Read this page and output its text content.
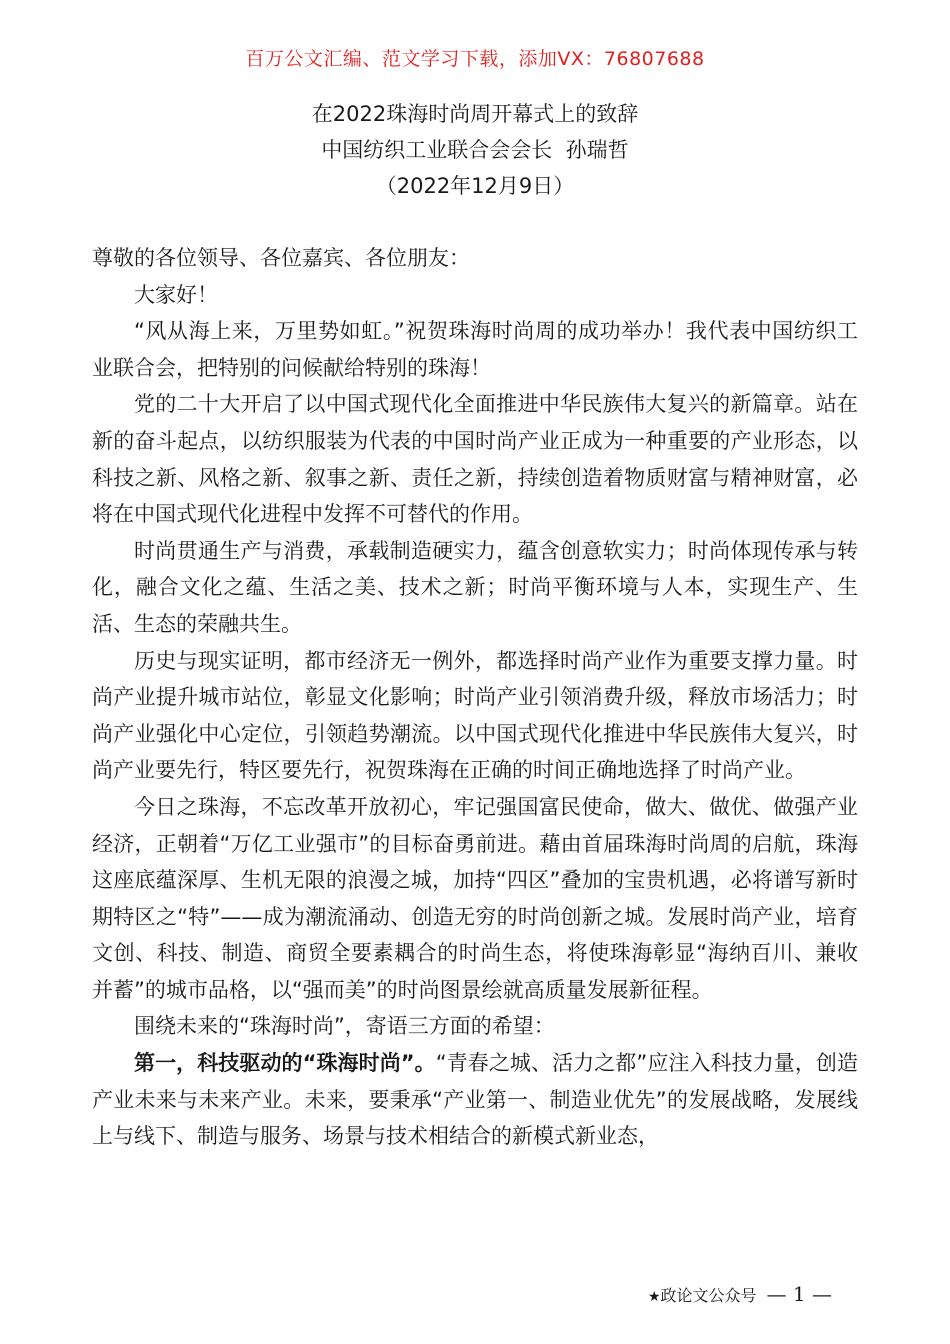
百万公文汇编、范文学习下载，添加VX：76807688
在2022珠海时尚周开幕式上的致辞
中国纺织工业联合会会长  孙瑞哲
（2022年12月9日）

尊敬的各位领导、各位嘉宾、各位朋友：

大家好！

“风从海上来，万里势如虹。”祝贺珠海时尚周的成功举办！我代表中国纺织工业联合会，把特别的问候献给特别的珠海！

党的二十大开启了以中国式现代化全面推进中华民族伟大复兴的新篇章。站在新的奋斗起点，以纺织服装为代表的中国时尚产业正成为一种重要的产业形态，以科技之新、风格之新、叙事之新、责任之新，持续创造着物质财富与精神财富，必将在中国式现代化进程中发挥不可替代的作用。

时尚贯通生产与消费，承载制造硬实力，蕴含创意软实力；时尚体现传承与转化，融合文化之蕴、生活之美、技术之新；时尚平衡环境与人本，实现生产、生活、生态的荣融共生。

历史与现实证明，都市经济无一例外，都选择时尚产业作为重要支撑力量。时尚产业提升城市站位，彰显文化影响；时尚产业引领消费升级，释放市场活力；时尚产业强化中心定位，引领趋势潮流。以中国式现代化推进中华民族伟大复兴，时尚产业要先行，特区要先行，祝贺珠海在正确的时间正确地选择了时尚产业。

今日之珠海，不忘改革开放初心，牢记强国富民使命，做大、做优、做强产业经济，正朝着“万亿工业强市”的目标奋勇前进。藉由首届珠海时尚周的启航，珠海这座底蕴深厚、生机无限的浪漫之城，加持“四区”叠加的宝贵机遇，必将谱写新时期特区之“特”——成为潮流涌动、创造无穷的时尚创新之城。发展时尚产业，培育文创、科技、制造、商贸全要素耦合的时尚生态，将使珠海彰显“海纳百川、兼收并蓄”的城市品格，以“强而美”的时尚图景绘就高质量发展新征程。

围绕未来的“珠海时尚”，寄语三方面的希望：

第一，科技驱动的“珠海时尚”。“青春之城、活力之都”应注入科技力量，创造产业未来与未来产业。未来，要秉承“产业第一、制造业优先”的发展战略，发展线上与线下、制造与服务、场景与技术相结合的新模式新业态，

★政论文公众号 — 1 —
